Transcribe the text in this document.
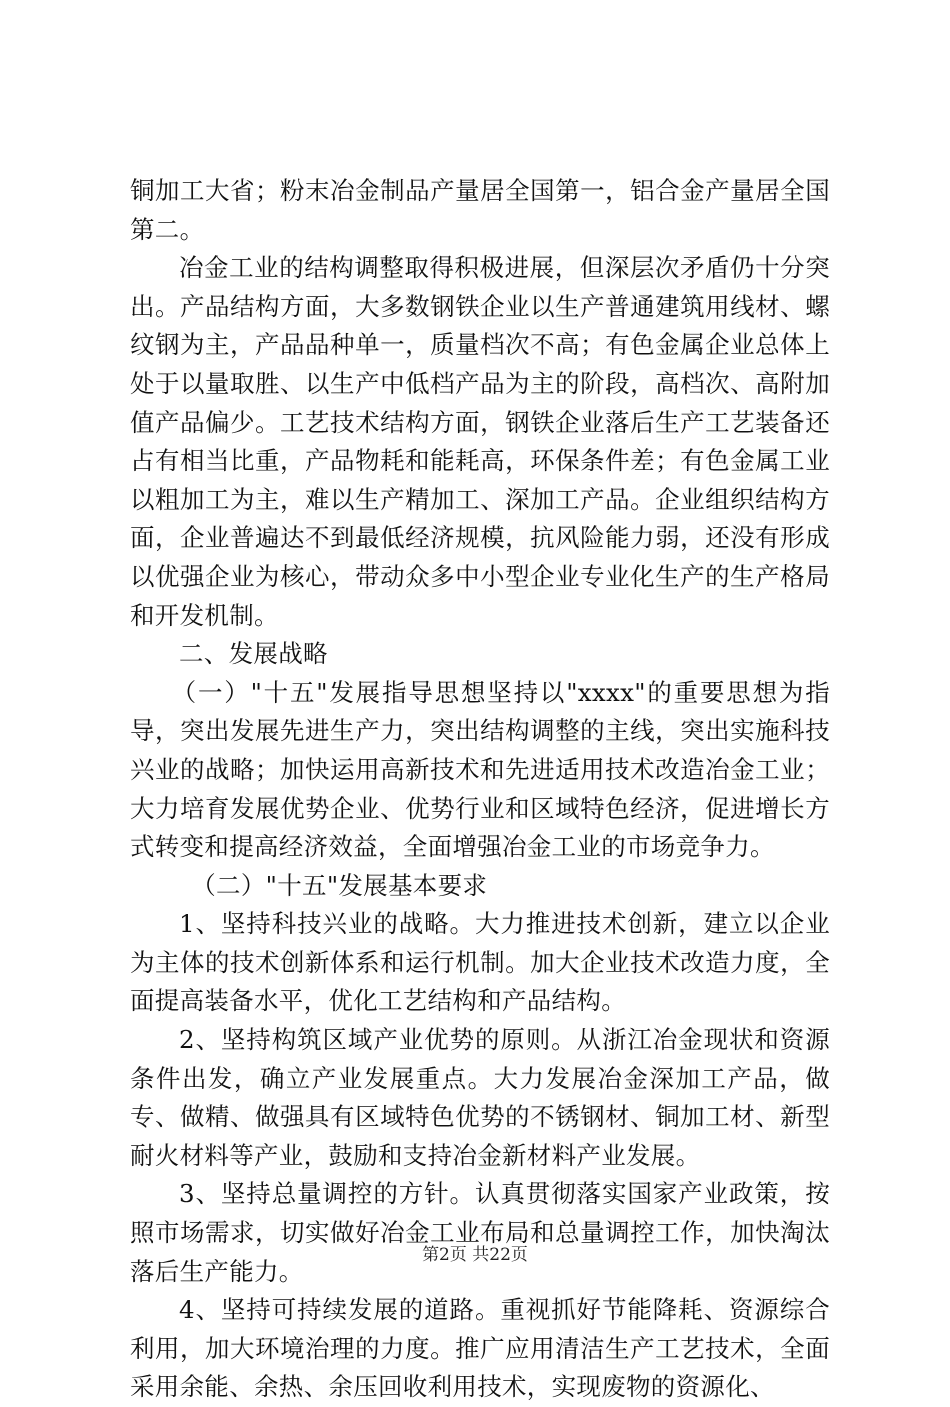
铜加工大省；粉末冶金制品产量居全国第一，铝合金产量居全国第二。

冶金工业的结构调整取得积极进展，但深层次矛盾仍十分突出。产品结构方面，大多数钢铁企业以生产普通建筑用线材、螺纹钢为主，产品品种单一，质量档次不高；有色金属企业总体上处于以量取胜、以生产中低档产品为主的阶段，高档次、高附加值产品偏少。工艺技术结构方面，钢铁企业落后生产工艺装备还占有相当比重，产品物耗和能耗高，环保条件差；有色金属工业以粗加工为主，难以生产精加工、深加工产品。企业组织结构方面，企业普遍达不到最低经济规模，抗风险能力弱，还没有形成以优强企业为核心，带动众多中小型企业专业化生产的生产格局和开发机制。

二、发展战略

（一）"十五"发展指导思想坚持以"xxxx"的重要思想为指导，突出发展先进生产力，突出结构调整的主线，突出实施科技兴业的战略；加快运用高新技术和先进适用技术改造冶金工业；大力培育发展优势企业、优势行业和区域特色经济，促进增长方式转变和提高经济效益，全面增强冶金工业的市场竞争力。

（二）"十五"发展基本要求

1、坚持科技兴业的战略。大力推进技术创新，建立以企业为主体的技术创新体系和运行机制。加大企业技术改造力度，全面提高装备水平，优化工艺结构和产品结构。

2、坚持构筑区域产业优势的原则。从浙江冶金现状和资源条件出发，确立产业发展重点。大力发展冶金深加工产品，做专、做精、做强具有区域特色优势的不锈钢材、铜加工材、新型耐火材料等产业，鼓励和支持冶金新材料产业发展。

3、坚持总量调控的方针。认真贯彻落实国家产业政策，按照市场需求，切实做好冶金工业布局和总量调控工作，加快淘汰落后生产能力。

4、坚持可持续发展的道路。重视抓好节能降耗、资源综合利用，加大环境治理的力度。推广应用清洁生产工艺技术，全面采用余能、余热、余压回收利用技术，实现废物的资源化、

第2页 共22页
